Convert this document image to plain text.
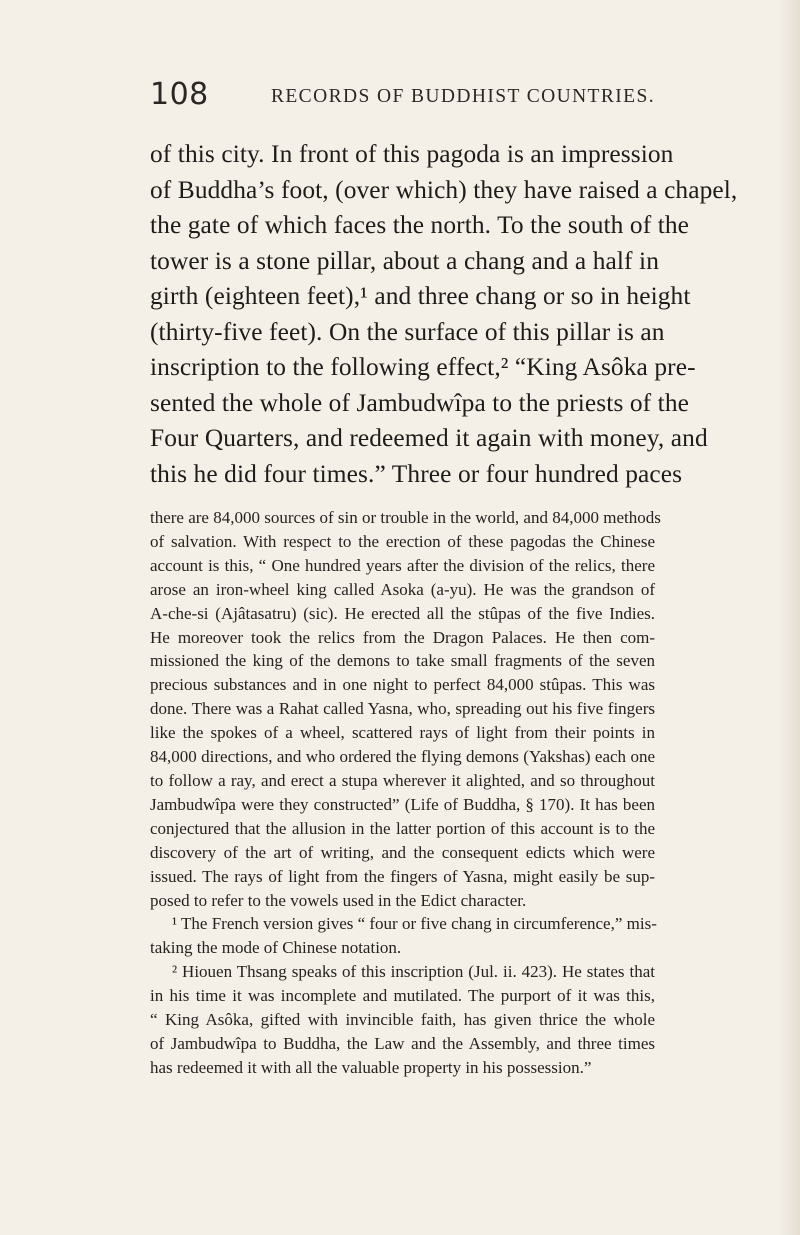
108	RECORDS OF BUDDHIST COUNTRIES.
of this city. In front of this pagoda is an impression
of Buddha’s foot, (over which) they have raised a chapel,
the gate of which faces the north. To the south of the
tower is a stone pillar, about a chang and a half in
girth (eighteen feet),¹ and three chang or so in height
(thirty-five feet). On the surface of this pillar is an
inscription to the following effect,² “King Asôka pre-
sented the whole of Jambudwîpa to the priests of the
Four Quarters, and redeemed it again with money, and
this he did four times.” Three or four hundred paces
there are 84,000 sources of sin or trouble in the world, and 84,000 methods
of salvation. With respect to the erection of these pagodas the Chinese
account is this, “ One hundred years after the division of the relics, there
arose an iron-wheel king called Asoka (a-yu). He was the grandson of
A-che-si (Ajâtasatru) (sic). He erected all the stûpas of the five Indies.
He moreover took the relics from the Dragon Palaces. He then com-
missioned the king of the demons to take small fragments of the seven
precious substances and in one night to perfect 84,000 stûpas. This was
done. There was a Rahat called Yasna, who, spreading out his five fingers
like the spokes of a wheel, scattered rays of light from their points in
84,000 directions, and who ordered the flying demons (Yakshas) each one
to follow a ray, and erect a stupa wherever it alighted, and so throughout
Jambudwîpa were they constructed” (Life of Buddha, § 170). It has been
conjectured that the allusion in the latter portion of this account is to the
discovery of the art of writing, and the consequent edicts which were
issued. The rays of light from the fingers of Yasna, might easily be sup-
posed to refer to the vowels used in the Edict character.
¹ The French version gives “ four or five chang in circumference,” mis-
taking the mode of Chinese notation.
² Hiouen Thsang speaks of this inscription (Jul. ii. 423). He states that
in his time it was incomplete and mutilated. The purport of it was this,
“ King Asôka, gifted with invincible faith, has given thrice the whole
of Jambudwîpa to Buddha, the Law and the Assembly, and three times
has redeemed it with all the valuable property in his possession.”
